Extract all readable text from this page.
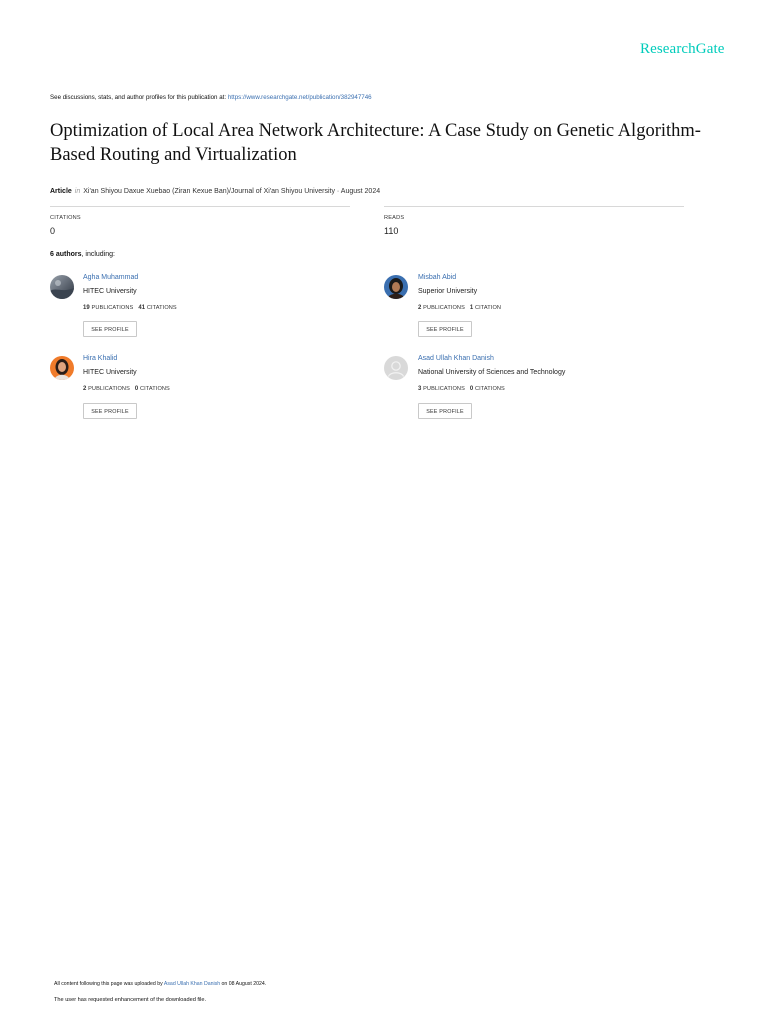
ResearchGate
See discussions, stats, and author profiles for this publication at: https://www.researchgate.net/publication/382947746
Optimization of Local Area Network Architecture: A Case Study on Genetic Algorithm-Based Routing and Virtualization
Article in Xi'an Shiyou Daxue Xuebao (Ziran Kexue Ban)/Journal of Xi'an Shiyou University · August 2024
CITATIONS
0
READS
110
6 authors, including:
Agha Muhammad
HITEC University
19 PUBLICATIONS 41 CITATIONS
SEE PROFILE
Misbah Abid
Superior University
2 PUBLICATIONS 1 CITATION
SEE PROFILE
Hira Khalid
HITEC University
2 PUBLICATIONS 0 CITATIONS
SEE PROFILE
Asad Ullah Khan Danish
National University of Sciences and Technology
3 PUBLICATIONS 0 CITATIONS
SEE PROFILE
All content following this page was uploaded by Asad Ullah Khan Danish on 08 August 2024.
The user has requested enhancement of the downloaded file.
